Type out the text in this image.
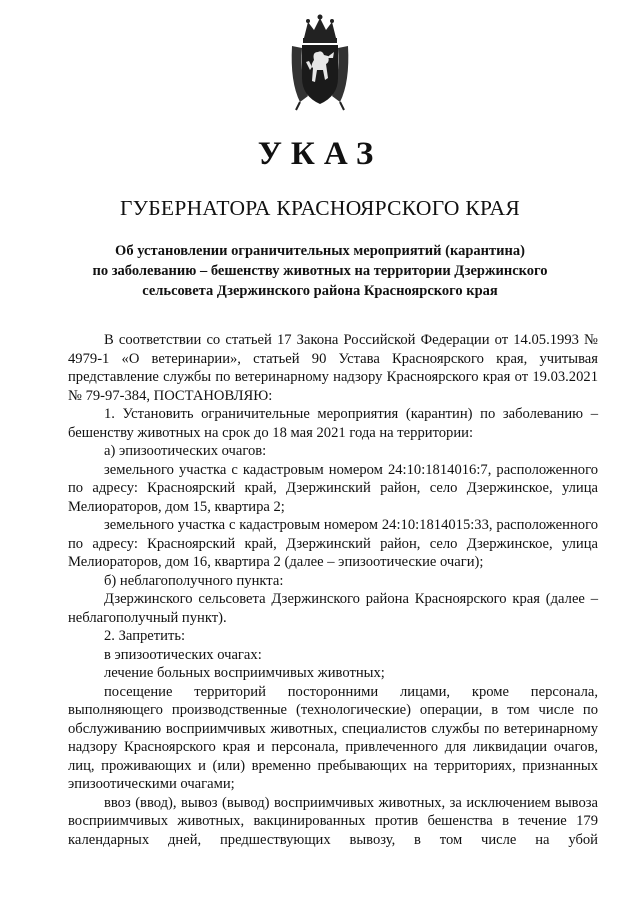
УКАЗ
ГУБЕРНАТОРА КРАСНОЯРСКОГО КРАЯ
Об установлении ограничительных мероприятий (карантина)
по заболеванию – бешенству животных на территории Дзержинского
сельсовета Дзержинского района Красноярского края

В соответствии со статьей 17 Закона Российской Федерации от 14.05.1993 № 4979-1 «О ветеринарии», статьей 90 Устава Красноярского края, учитывая представление службы по ветеринарному надзору Красноярского края от 19.03.2021 № 79-97-384, ПОСТАНОВЛЯЮ:

1. Установить ограничительные мероприятия (карантин) по заболеванию – бешенству животных на срок до 18 мая 2021 года на территории:

а) эпизоотических очагов:

земельного участка с кадастровым номером 24:10:1814016:7, расположенного по адресу: Красноярский край, Дзержинский район, село Дзержинское, улица Мелиораторов, дом 15, квартира 2;

земельного участка с кадастровым номером 24:10:1814015:33, расположенного по адресу: Красноярский край, Дзержинский район, село Дзержинское, улица Мелиораторов, дом 16, квартира 2 (далее – эпизоотические очаги);

б) неблагополучного пункта:

Дзержинского сельсовета Дзержинского района Красноярского края (далее – неблагополучный пункт).

2. Запретить:

в эпизоотических очагах:

лечение больных восприимчивых животных;

посещение территорий посторонними лицами, кроме персонала, выполняющего производственные (технологические) операции, в том числе по обслуживанию восприимчивых животных, специалистов службы по ветеринарному надзору Красноярского края и персонала, привлеченного для ликвидации очагов, лиц, проживающих и (или) временно пребывающих на территориях, признанных эпизоотическими очагами;

ввоз (ввод), вывоз (вывод) восприимчивых животных, за исключением вывоза восприимчивых животных, вакцинированных против бешенства в течение 179 календарных дней, предшествующих вывозу, в том числе на убой
